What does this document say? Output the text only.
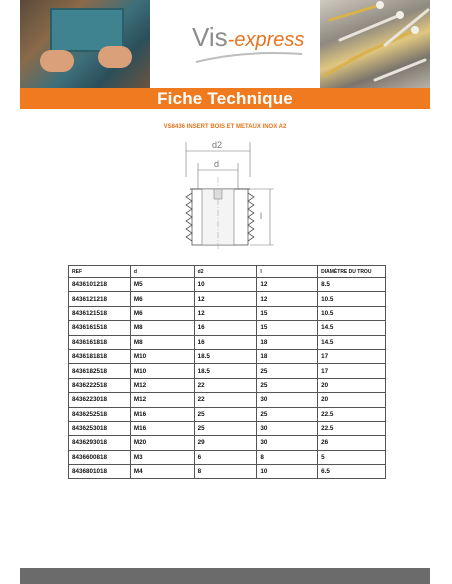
Vis-express
Fiche Technique
VS8436 INSERT BOIS ET METAUX INOX A2
d2
d
l
REF	d	d2	l	DIAMÈTRE DU TROU
8436101218	M5	10	12	8.5
8436121218	M6	12	12	10.5
8436121518	M6	12	15	10.5
8436161518	M8	16	15	14.5
8436161818	M8	16	18	14.5
8436181818	M10	18.5	18	17
8436182518	M10	18.5	25	17
8436222518	M12	22	25	20
8436223018	M12	22	30	20
8436252518	M16	25	25	22.5
8436253018	M16	25	30	22.5
8436293018	M20	29	30	26
8436600818	M3	6	8	5
8436801018	M4	8	10	6.5
